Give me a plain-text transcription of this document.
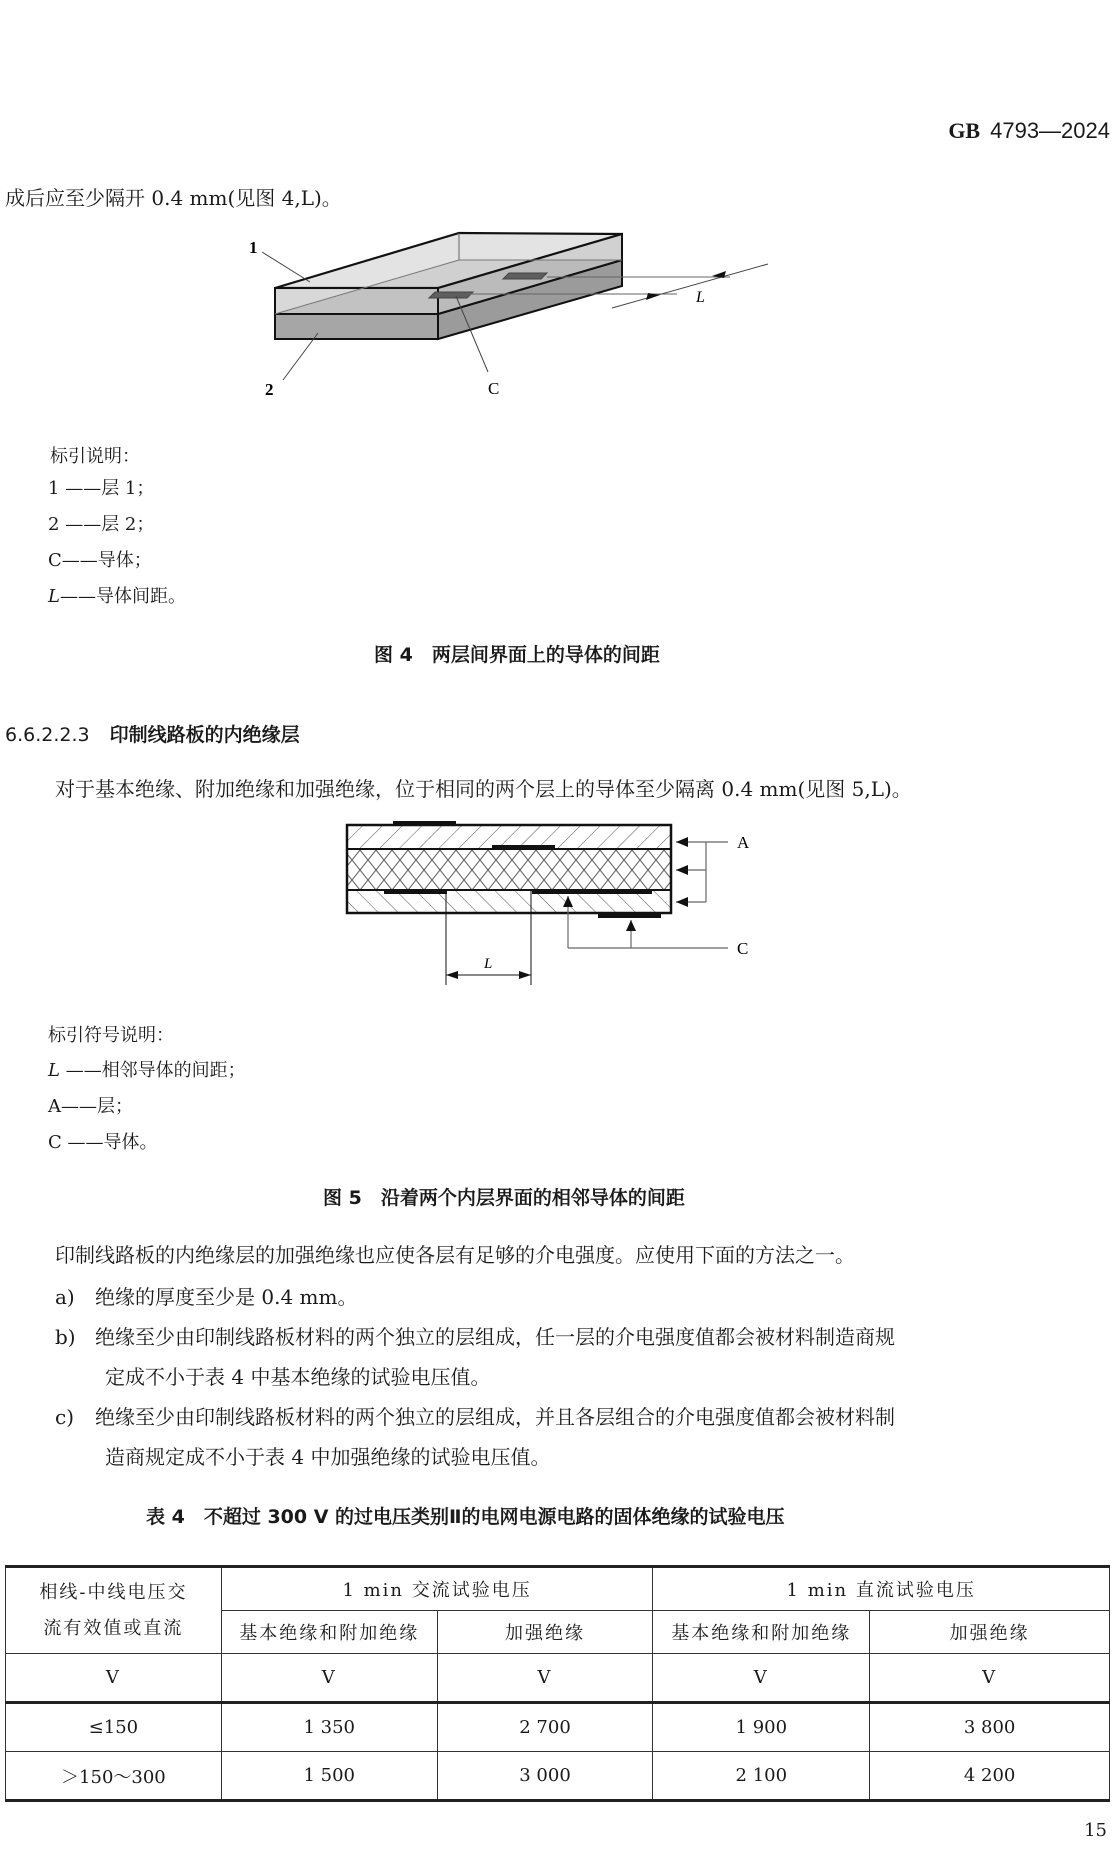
GB 4793—2024
成后应至少隔开 0.4 mm(见图 4,L)。
1
2	C
L
标引说明：
1 ——层 1；
2 ——层 2；
C——导体；
L——导体间距。
图 4　两层间界面上的导体的间距
6.6.2.2.3 印制线路板的内绝缘层
对于基本绝缘、附加绝缘和加强绝缘，位于相同的两个层上的导体至少隔离 0.4 mm(见图 5,L)。
A
C
L
标引符号说明：
L ——相邻导体的间距；
A——层；
C ——导体。
图 5　沿着两个内层界面的相邻导体的间距
印制线路板的内绝缘层的加强绝缘也应使各层有足够的介电强度。应使用下面的方法之一。
a) 绝缘的厚度至少是 0.4 mm。
b) 绝缘至少由印制线路板材料的两个独立的层组成，任一层的介电强度值都会被材料制造商规
定成不小于表 4 中基本绝缘的试验电压值。
c) 绝缘至少由印制线路板材料的两个独立的层组成，并且各层组合的介电强度值都会被材料制
造商规定成不小于表 4 中加强绝缘的试验电压值。
表 4　不超过 300 V 的过电压类别Ⅱ的电网电源电路的固体绝缘的试验电压
相线-中线电压交
流有效值或直流	1 min 交流试验电压		1 min 直流试验电压	
	基本绝缘和附加绝缘	加强绝缘	基本绝缘和附加绝缘	加强绝缘
V	V	V	V	V
≤150	1 350	2 700	1 900	3 800
＞150～300	1 500	3 000	2 100	4 200
15
